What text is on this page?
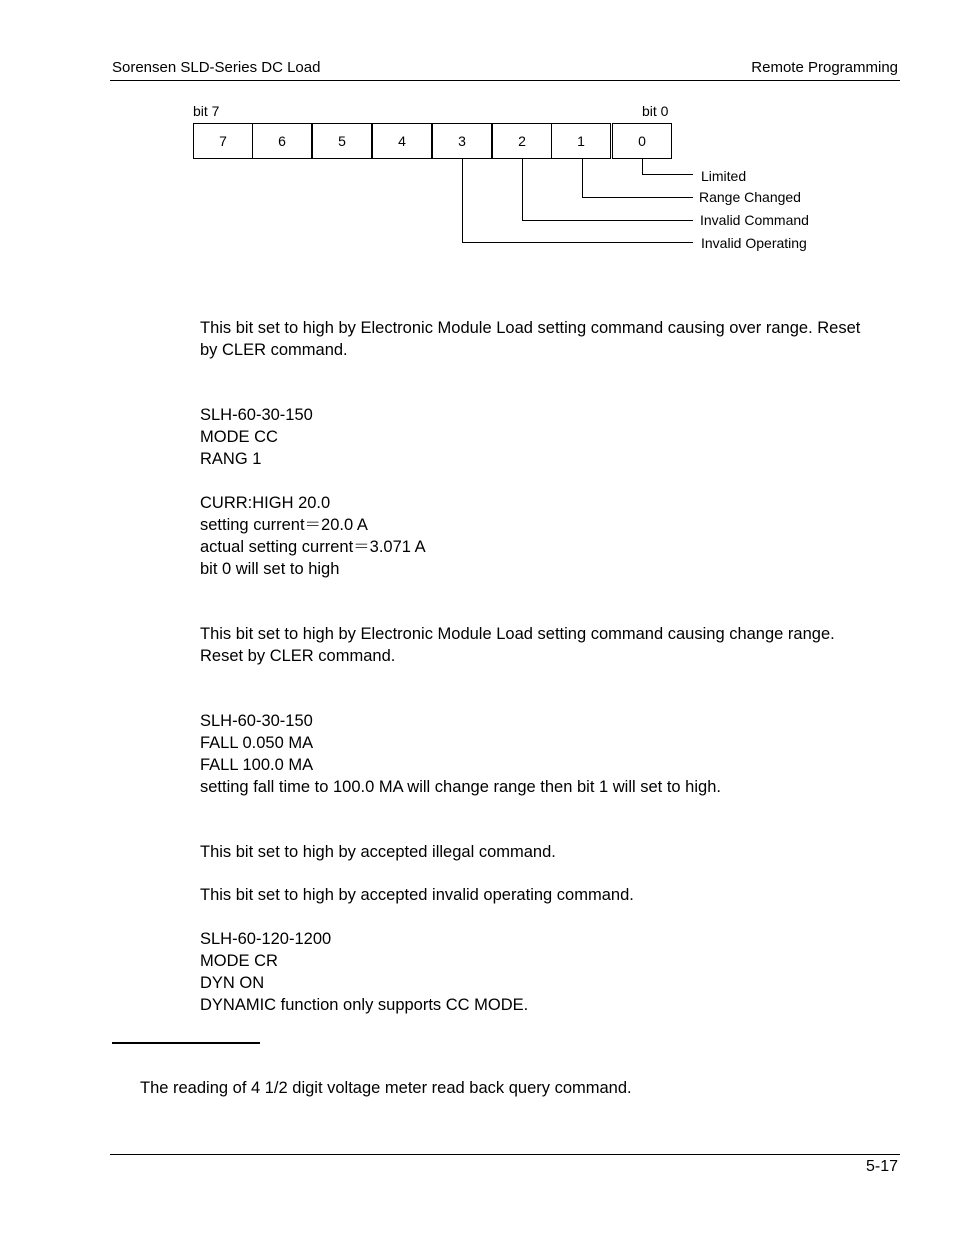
Sorensen SLD-Series DC Load	Remote Programming
bit 7	bit 0
7	6	5	4	3	2	1	0
Limited
Range Changed
Invalid Command
Invalid Operating
This bit set to high by Electronic Module Load setting command causing over range. Reset
by CLER command.
SLH-60-30-150
MODE CC
RANG 1
CURR:HIGH 20.0
setting current＝20.0 A
actual setting current＝3.071 A
bit 0 will set to high
This bit set to high by Electronic Module Load setting command causing change range.
Reset by CLER command.
SLH-60-30-150
FALL 0.050 MA
FALL 100.0 MA
setting fall time to 100.0 MA will change range then bit 1 will set to high.
This bit set to high by accepted illegal command.
This bit set to high by accepted invalid operating command.
SLH-60-120-1200
MODE CR
DYN ON
DYNAMIC function only supports CC MODE.
The reading of 4 1/2 digit voltage meter read back query command.
5-17
